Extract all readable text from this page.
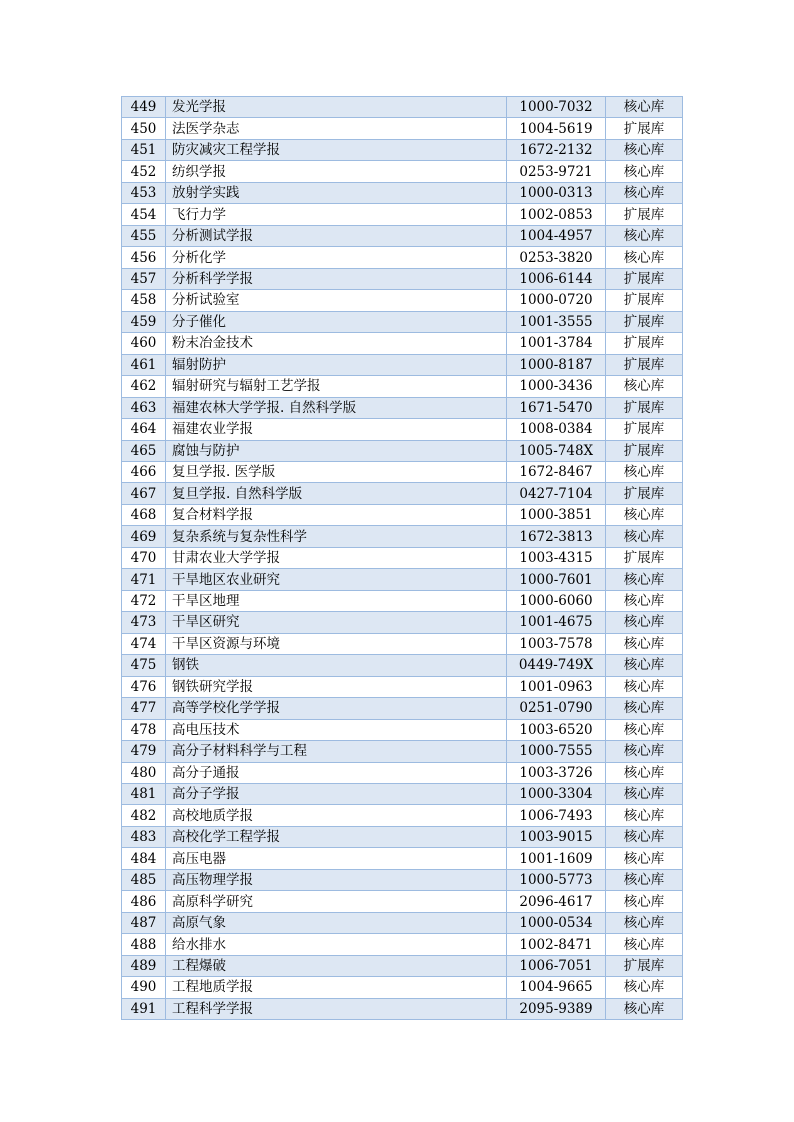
449	发光学报	1000-7032	核心库
450	法医学杂志	1004-5619	扩展库
451	防灾减灾工程学报	1672-2132	核心库
452	纺织学报	0253-9721	核心库
453	放射学实践	1000-0313	核心库
454	飞行力学	1002-0853	扩展库
455	分析测试学报	1004-4957	核心库
456	分析化学	0253-3820	核心库
457	分析科学学报	1006-6144	扩展库
458	分析试验室	1000-0720	扩展库
459	分子催化	1001-3555	扩展库
460	粉末冶金技术	1001-3784	扩展库
461	辐射防护	1000-8187	扩展库
462	辐射研究与辐射工艺学报	1000-3436	核心库
463	福建农林大学学报. 自然科学版	1671-5470	扩展库
464	福建农业学报	1008-0384	扩展库
465	腐蚀与防护	1005-748X	扩展库
466	复旦学报. 医学版	1672-8467	核心库
467	复旦学报. 自然科学版	0427-7104	扩展库
468	复合材料学报	1000-3851	核心库
469	复杂系统与复杂性科学	1672-3813	核心库
470	甘肃农业大学学报	1003-4315	扩展库
471	干旱地区农业研究	1000-7601	核心库
472	干旱区地理	1000-6060	核心库
473	干旱区研究	1001-4675	核心库
474	干旱区资源与环境	1003-7578	核心库
475	钢铁	0449-749X	核心库
476	钢铁研究学报	1001-0963	核心库
477	高等学校化学学报	0251-0790	核心库
478	高电压技术	1003-6520	核心库
479	高分子材料科学与工程	1000-7555	核心库
480	高分子通报	1003-3726	核心库
481	高分子学报	1000-3304	核心库
482	高校地质学报	1006-7493	核心库
483	高校化学工程学报	1003-9015	核心库
484	高压电器	1001-1609	核心库
485	高压物理学报	1000-5773	核心库
486	高原科学研究	2096-4617	核心库
487	高原气象	1000-0534	核心库
488	给水排水	1002-8471	核心库
489	工程爆破	1006-7051	扩展库
490	工程地质学报	1004-9665	核心库
491	工程科学学报	2095-9389	核心库
